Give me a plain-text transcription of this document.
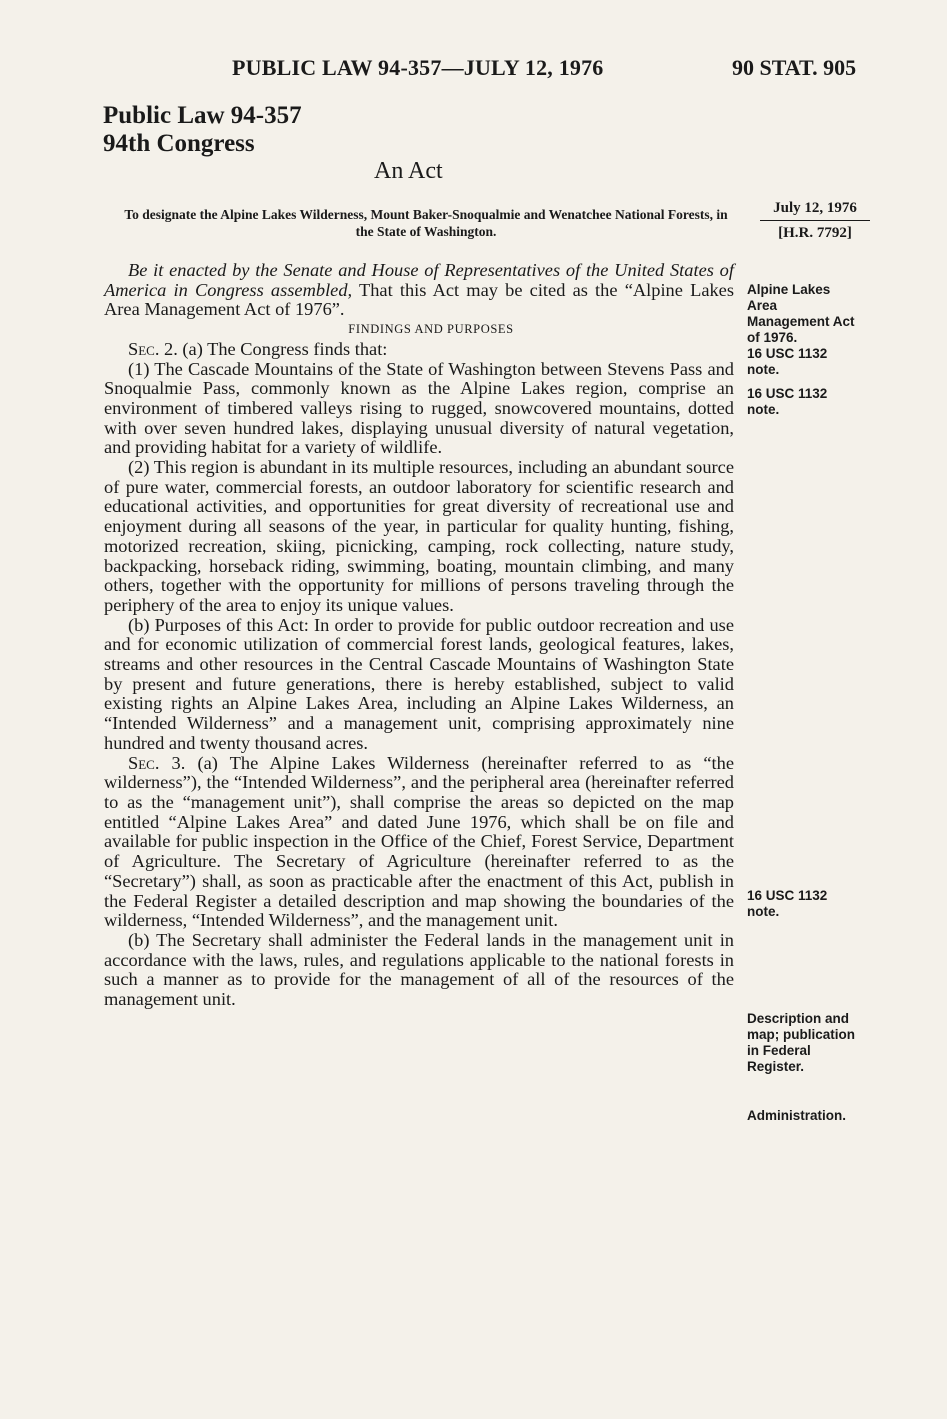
PUBLIC LAW 94-357—JULY 12, 1976	90 STAT. 905
Public Law 94-357
94th Congress
An Act
To designate the Alpine Lakes Wilderness, Mount Baker-Snoqualmie and Wenatchee National Forests, in the State of Washington.
July 12, 1976
[H.R. 7792]

Be it enacted by the Senate and House of Representatives of the United States of America in Congress assembled, That this Act may be cited as the “Alpine Lakes Area Management Act of 1976”.

FINDINGS AND PURPOSES

Sec. 2. (a) The Congress finds that:

(1) The Cascade Mountains of the State of Washington between Stevens Pass and Snoqualmie Pass, commonly known as the Alpine Lakes region, comprise an environment of timbered valleys rising to rugged, snowcovered mountains, dotted with over seven hundred lakes, displaying unusual diversity of natural vegetation, and providing habitat for a variety of wildlife.

(2) This region is abundant in its multiple resources, including an abundant source of pure water, commercial forests, an outdoor laboratory for scientific research and educational activities, and opportunities for great diversity of recreational use and enjoyment during all seasons of the year, in particular for quality hunting, fishing, motorized recreation, skiing, picnicking, camping, rock collecting, nature study, backpacking, horseback riding, swimming, boating, mountain climbing, and many others, together with the opportunity for millions of persons traveling through the periphery of the area to enjoy its unique values.

(b) Purposes of this Act: In order to provide for public outdoor recreation and use and for economic utilization of commercial forest lands, geological features, lakes, streams and other resources in the Central Cascade Mountains of Washington State by present and future generations, there is hereby established, subject to valid existing rights an Alpine Lakes Area, including an Alpine Lakes Wilderness, an “Intended Wilderness” and a management unit, comprising approximately nine hundred and twenty thousand acres.

Sec. 3. (a) The Alpine Lakes Wilderness (hereinafter referred to as “the wilderness”), the “Intended Wilderness”, and the peripheral area (hereinafter referred to as the “management unit”), shall comprise the areas so depicted on the map entitled “Alpine Lakes Area” and dated June 1976, which shall be on file and available for public inspection in the Office of the Chief, Forest Service, Department of Agriculture. The Secretary of Agriculture (hereinafter referred to as the “Secretary”) shall, as soon as practicable after the enactment of this Act, publish in the Federal Register a detailed description and map showing the boundaries of the wilderness, “Intended Wilderness”, and the management unit.

(b) The Secretary shall administer the Federal lands in the management unit in accordance with the laws, rules, and regulations applicable to the national forests in such a manner as to provide for the management of all of the resources of the management unit.

Alpine Lakes
Area
Management Act
of 1976.
16 USC 1132
note.
16 USC 1132
note.
16 USC 1132
note.
Description and
map; publication
in Federal
Register.
Administration.
